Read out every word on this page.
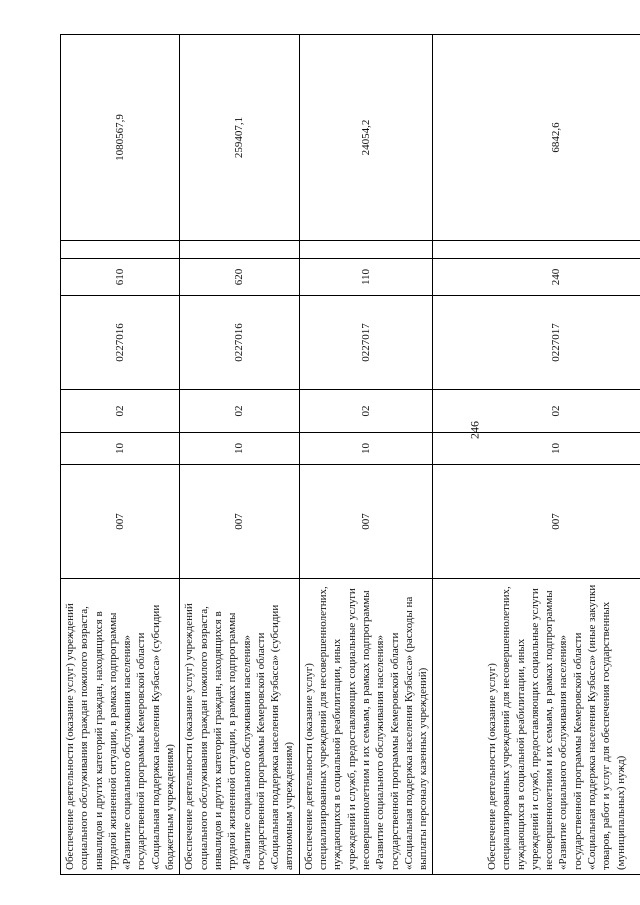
246
Обеспечение деятельности (оказание услуг) учреждений социального обслуживания граждан пожилого возраста, инвалидов и других категорий граждан, находящихся в трудной жизненной ситуации, в рамках подпрограммы «Развитие социального обслуживания населения» государственной программы Кемеровской области «Социальная поддержка населения Кузбасса» (субсидии бюджетным учреждениям)	007	10	02	0227016	610		1080567,9
Обеспечение деятельности (оказание услуг) учреждений социального обслуживания граждан пожилого возраста, инвалидов и других категорий граждан, находящихся в трудной жизненной ситуации, в рамках подпрограммы «Развитие социального обслуживания населения» государственной программы Кемеровской области «Социальная поддержка населения Кузбасса» (субсидии автономным учреждениям)	007	10	02	0227016	620		259407,1
Обеспечение деятельности (оказание услуг) специализированных учреждений для несовершеннолетних, нуждающихся в социальной реабилитации, иных учреждений и служб, предоставляющих социальные услуги несовершеннолетним и их семьям, в рамках подпрограммы «Развитие социального обслуживания населения» государственной программы Кемеровской области «Социальная поддержка населения Кузбасса» (расходы на выплаты персоналу казенных учреждений)	007	10	02	0227017	110		24054,2
Обеспечение деятельности (оказание услуг) специализированных учреждений для несовершеннолетних, нуждающихся в социальной реабилитации, иных учреждений и служб, предоставляющих социальные услуги несовершеннолетним и их семьям, в рамках подпрограммы «Развитие социального обслуживания населения» государственной программы Кемеровской области «Социальная поддержка населения Кузбасса» (иные закупки товаров, работ и услуг для обеспечения государственных (муниципальных) нужд)	007	10	02	0227017	240		6842,6
